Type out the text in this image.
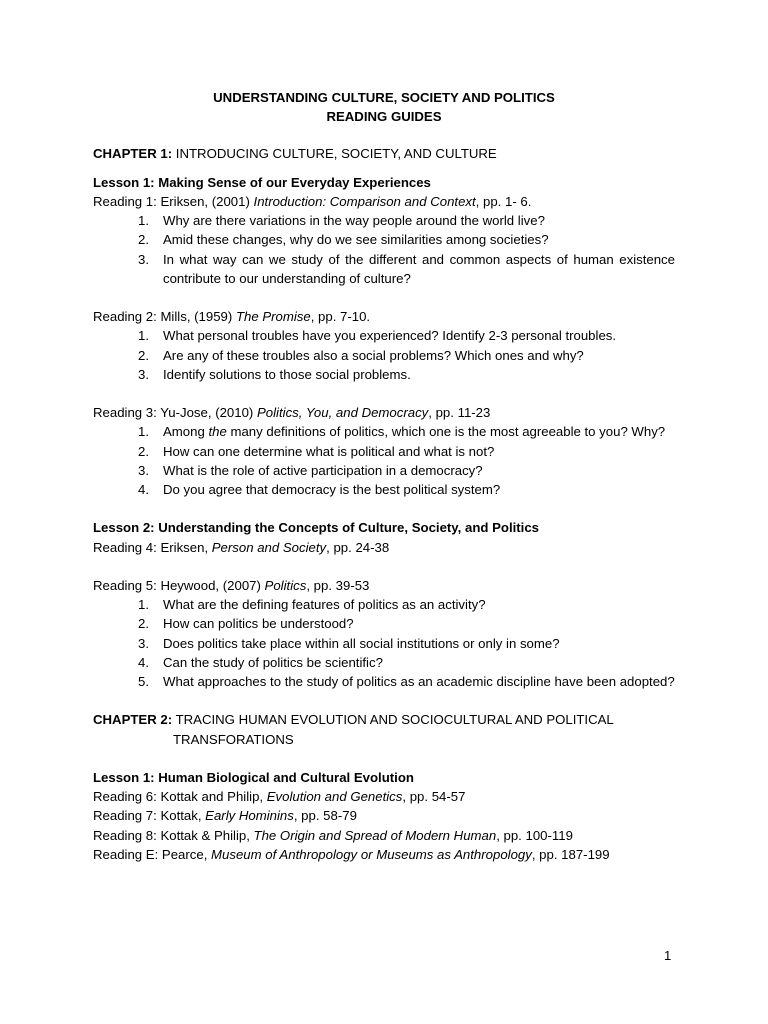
UNDERSTANDING CULTURE, SOCIETY AND POLITICS
READING GUIDES
CHAPTER 1: INTRODUCING CULTURE, SOCIETY, AND CULTURE
Lesson 1: Making Sense of our Everyday Experiences
Reading 1: Eriksen, (2001) Introduction: Comparison and Context, pp. 1- 6.
1.	Why are there variations in the way people around the world live?
2.	Amid these changes, why do we see similarities among societies?
3.	In what way can we study of the different and common aspects of human existence contribute to our understanding of culture?
Reading 2: Mills, (1959) The Promise, pp. 7-10.
1.	What personal troubles have you experienced? Identify 2-3 personal troubles.
2.	Are any of these troubles also a social problems? Which ones and why?
3.	Identify solutions to those social problems.
Reading 3: Yu-Jose, (2010) Politics, You, and Democracy, pp. 11-23
1.	Among the many definitions of politics, which one is the most agreeable to you? Why?
2.	How can one determine what is political and what is not?
3.	What is the role of active participation in a democracy?
4.	Do you agree that democracy is the best political system?
Lesson 2: Understanding the Concepts of Culture, Society, and Politics
Reading 4: Eriksen, Person and Society, pp. 24-38
Reading 5: Heywood, (2007) Politics, pp. 39-53
1.	What are the defining features of politics as an activity?
2.	How can politics be understood?
3.	Does politics take place within all social institutions or only in some?
4.	Can the study of politics be scientific?
5.	What approaches to the study of politics as an academic discipline have been adopted?
CHAPTER 2: TRACING HUMAN EVOLUTION AND SOCIOCULTURAL AND POLITICAL
TRANSFORATIONS
Lesson 1: Human Biological and Cultural Evolution
Reading 6: Kottak and Philip, Evolution and Genetics, pp. 54-57
Reading 7: Kottak, Early Hominins, pp. 58-79
Reading 8: Kottak & Philip, The Origin and Spread of Modern Human, pp. 100-119
Reading E: Pearce, Museum of Anthropology or Museums as Anthropology, pp. 187-199
1
